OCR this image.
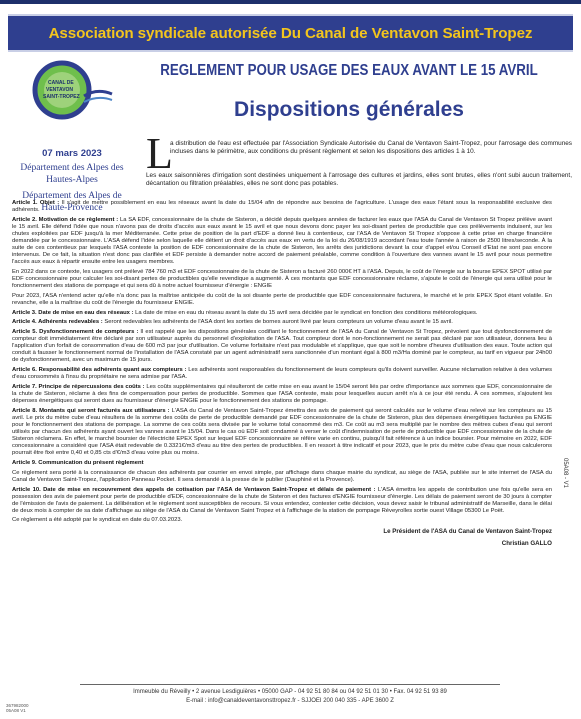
Association syndicale autorisée Du Canal de Ventavon Saint-Tropez
CANAL DE
VENTAVON
SAINT-TROPEZ
REGLEMENT POUR USAGE DES EAUX AVANT LE 15 AVRIL
Dispositions générales
07 mars 2023
Département des Alpes des Hautes-Alpes
Département des Alpes de Haute-Provence
L
a distribution de l'eau est effectuée par l'Association Syndicale Autorisée du Canal de Ventavon Saint-Tropez, pour l'arrosage des communes incluses dans le périmètre, aux conditions du présent règlement et selon les dispositions des articles 1 à 10.
Les eaux saisonnières d'irrigation sont destinées uniquement à l'arrosage des cultures et jardins, elles sont brutes, elles n'ont subi aucun traitement, décantation ou filtration préalables, elles ne sont donc pas potables.

Article 1. Objet : Il s'agit de mettre possiblement en eau les réseaux avant la date du 15/04 afin de répondre aux besoins de l'agriculture. L'usage des eaux l'étant sous la responsabilité exclusive des adhérents.

Article 2. Motivation de ce règlement : La SA EDF, concessionnaire de la chute de Sisteron, a décidé depuis quelques années de facturer les eaux que l'ASA du Canal de Ventavon St Tropez prélève avant le 15 avril. Elle défend l'idée que nous n'avons pas de droits d'accès aux eaux avant le 15 avril et que nous devons donc payer les soi-disant pertes de productible que ces prélèvements induisent, sur les chutes exploitées par EDF jusqu'à la mer Méditerranée. Cette prise de position de la part d'EDF a donné lieu à contentieux, car l'ASA de Ventavon St Tropez s'oppose à cette prise en charge financière demandée par le concessionnaire. L'ASA défend l'idée selon laquelle elle détient un droit d'accès aux eaux en vertu de la loi du 26/08/1919 accordant l'eau toute l'année à raison de 2500 litres/seconde. À la suite de ces contentieux par lesquels l'ASA conteste la position de EDF concessionnaire de la chute de Sisteron, les arrêts des juridictions devant la cour d'appel et/ou Conseil d'Etat ne sont pas encore intervenus. De ce fait, la situation n'est donc pas clarifiée et EDF persiste à demander notre accord de paiement préalable, comme condition à l'ouverture des vannes avant le 15 avril pour nous permettre l'accès aux eaux à répartir ensuite entre les usagers membres.

En 2022 dans ce contexte, les usagers ont prélevé 784 760 m3 et EDF concessionnaire de la chute de Sisteron a facturé 260 000€ HT à l'ASA. Depuis, le coût de l'énergie sur la bourse EPEX SPOT utilisé par EDF concessionnaire pour calculer les soi-disant pertes de productibles qu'elle revendique a augmenté. À ces montants que EDF concessionnaire réclame, s'ajoute le coût de l'énergie qui sera utilisé pour le fonctionnement des stations de pompage et qui sera dû à notre actuel fournisseur d'énergie : ENGIE

Pour 2023, l'ASA n'entend acter qu'elle n'a donc pas la maîtrise anticipée du coût de la soi disante perte de productible que EDF concessionnaire facturera, le marché et le prix EPEX Spot étant volatile. En revanche, elle a la maîtrise du coût de l'énergie du fournisseur ENGIE.

Article 3. Date de mise en eau des réseaux : La date de mise en eau du réseau avant la date du 15 avril sera décidée par le syndicat en fonction des conditions météorologiques.

Article 4. Adhérents redevables : Seront redevables les adhérents de l'ASA dont les sorties de bornes auront livré par leurs compteurs un volume d'eau avant le 15 avril.

Article 5. Dysfonctionnement de compteurs : Il est rappelé que les dispositions générales codifiant le fonctionnement de l'ASA du Canal de Ventavon St Tropez, prévoient que tout dysfonctionnement de compteur doit immédiatement être déclaré par son utilisateur auprès du personnel d'exploitation de l'ASA. Tout compteur dont le non-fonctionnement ne serait pas déclaré par son utilisateur, donnera lieu à l'application d'un forfait de consommation d'eau de 600 m3 par jour d'utilisation. Ce volume forfaitaire n'est pas modulable et s'applique, que que soit le nombre d'heures d'utilisation des eaux. Toute action qui conduit à fausser le fonctionnement normal de l'installation de l'ASA constaté par un agent administratif sera sanctionnée d'un montant égal à 800 m3/Ha dominé par le compteur, au tarif en vigueur par 24h00 de dysfonctionnement, avec un maximum de 15 jours.

Article 6. Responsabilité des adhérents quant aux compteurs : Les adhérents sont responsables du fonctionnement de leurs compteurs qu'ils doivent surveiller. Aucune réclamation relative à des volumes d'eau consommés à l'insu du propriétaire ne sera admise par l'ASA.

Article 7. Principe de répercussions des coûts : Les coûts supplémentaires qui résulteront de cette mise en eau avant le 15/04 seront liés par ordre d'importance aux sommes que EDF, concessionnaire de la chute de Sisteron, réclame à des fins de compensation pour pertes de productible. Sommes que l'ASA conteste, mais pour lesquelles aucun arrêt n'a à ce jour été rendu. À ces sommes, s'ajoutent les dépenses énergétiques qui seront dues au fournisseur d'énergie ENGIE pour le fonctionnement des stations de pompage.

Article 8. Montants qui seront facturés aux utilisateurs : L'ASA du Canal de Ventavon Saint-Tropez émettra des avis de paiement qui seront calculés sur le volume d'eau relevé sur les compteurs au 15 avril. Le prix du mètre cube d'eau résultera de la somme des coûts de perte de productible demandé par EDF concessionnaire de la chute de Sisteron, plus des dépenses énergétiques facturées pa ENGIE pour le fonctionnement des stations de pompage. La somme de ces coûts sera divisée par le volume total consommé des m3. Ce coût au m3 sera multiplié par le nombre des mètres cubes d'eau qui seront utilisés par chacun des adhérents ayant ouvert les vannes avant le 15/04. Dans le cas où EDF soit condamné à verser le coût d'indemnisation de perte de productible que EDF concessionnaire de la chute de Sisteron réclamera. En effet, le marché boursier de l'électricité EPEX Spot sur lequel EDF concessionnaire se réfère varie en continu, puisqu'il fait référence à un indice boursier. Pour mémoire en 2022, EDF concessionnaire a considéré que l'ASA était redevable de 0.3321€/m3 d'eau au titre des pertes de productibles. Il en ressort à titre indicatif et pour 2023, que le prix du mètre cube d'eau que nous calculerons pourrait être fixé entre 0,40 et 0,85 cts d'€/m3 d'eau voire plus ou moins.

Article 9. Communication du présent règlement

Ce règlement sera porté à la connaissance de chacun des adhérents par courrier en envoi simple, par affichage dans chaque mairie du syndicat, au siège de l'ASA, publiée sur le site internet de l'ASA du Canal de Ventavon Saint-Tropez, l'application Panneau Pocket. Il sera demandé à la presse de le publier (Dauphiné et la Provence).

Article 10. Date de mise en recouvrement des appels de cotisation par l'ASA de Ventavon Saint-Tropez et délais de paiement : L'ASA émettra les appels de contribution une fois qu'elle sera en possession des avis de paiement pour perte de productible d'EDF, concessionnaire de la chute de Sisteron et des factures d'ENGIE fournisseur d'énergie. Les délais de paiement seront de 30 jours à compter de l'émission de l'avis de paiement. La délibération et le règlement sont susceptibles de recours. Si vous entendez, contester cette décision, vous devez saisir le tribunal administratif de Marseille, dans le délai de deux mois à compter de sa date d'affichage au siège de l'ASA du Canal de Ventavon Saint Tropez et à l'affichage de la station de pompage Réveyrolles sortie ouest Village 05300 Le Poët.

Ce règlement a été adopté par le syndicat en date du 07.03.2023.

Le Président de l'ASA du Canal de Ventavon Saint-Tropez

Christian GALLO

05A08 - V1
Immeuble du Réveilly • 2 avenue Lesdiguières • 05000 GAP - 04 92 51 80 84 ou 04 92 51 01 30 • Fax. 04 92 51 93 89
E-mail : info@canaldeventavonsttropez.fr - SJJOEI 200 040 335 - APE 3600 Z
367982000
05A08 V1
